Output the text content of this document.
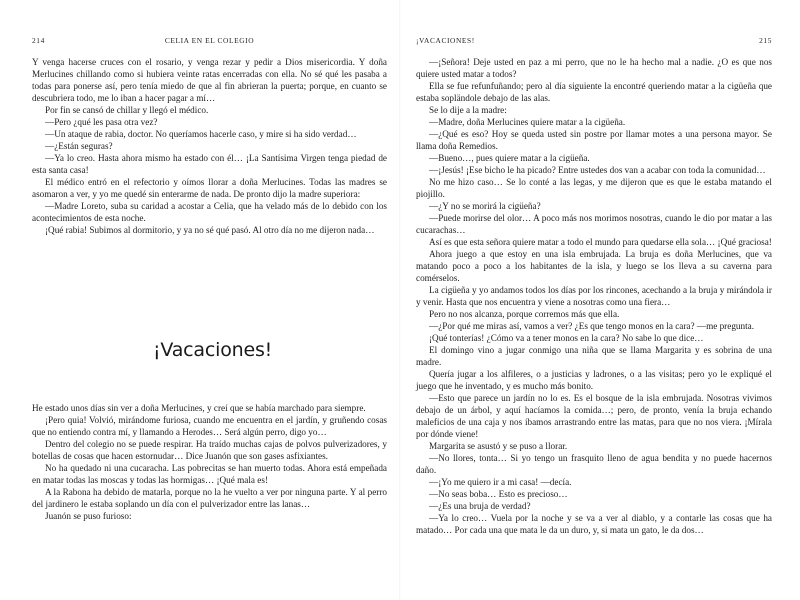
214	CELIA EN EL COLEGIO

Y venga hacerse cruces con el rosario, y venga rezar y pedir a Dios misericordia. Y doña Merlucines chillando como si hubiera veinte ratas encerradas con ella. No sé qué les pasaba a todas para ponerse así, pero tenía miedo de que al fin abrieran la puerta; porque, en cuanto se descubriera todo, me lo iban a hacer pagar a mí…

Por fin se cansó de chillar y llegó el médico.

—Pero ¿qué les pasa otra vez?

—Un ataque de rabia, doctor. No queríamos hacerle caso, y mire si ha sido verdad…

—¿Están seguras?

—Ya lo creo. Hasta ahora mismo ha estado con él… ¡La Santísima Virgen tenga piedad de esta santa casa!

El médico entró en el refectorio y oímos llorar a doña Merlucines. Todas las madres se asomaron a ver, y yo me quedé sin enterarme de nada. De pronto dijo la madre superiora:

—Madre Loreto, suba su caridad a acostar a Celia, que ha velado más de lo debido con los acontecimientos de esta noche.

¡Qué rabia! Subimos al dormitorio, y ya no sé qué pasó. Al otro día no me dijeron nada…

¡Vacaciones!

He estado unos días sin ver a doña Merlucines, y creí que se había marchado para siempre.

¡Pero quia! Volvió, mirándome furiosa, cuando me encuentra en el jardín, y gruñendo cosas que no entiendo contra mí, y llamando a Herodes… Será algún perro, digo yo…

Dentro del colegio no se puede respirar. Ha traído muchas cajas de polvos pulverizadores, y botellas de cosas que hacen estornudar… Dice Juanón que son gases asfixiantes.

No ha quedado ni una cucaracha. Las pobrecitas se han muerto todas. Ahora está empeñada en matar todas las moscas y todas las hormigas… ¡Qué mala es!

A la Rabona ha debido de matarla, porque no la he vuelto a ver por ninguna parte. Y al perro del jardinero le estaba soplando un día con el pulverizador entre las lanas…

Juanón se puso furioso:

¡VACACIONES!	215

—¡Señora! Deje usted en paz a mi perro, que no le ha hecho mal a nadie. ¿O es que nos quiere usted matar a todos?

Ella se fue refunfuñando; pero al día siguiente la encontré queriendo matar a la cigüeña que estaba sopländole debajo de las alas.

Se lo dije a la madre:

—Madre, doña Merlucines quiere matar a la cigüeña.

—¿Qué es eso? Hoy se queda usted sin postre por llamar motes a una persona mayor. Se llama doña Remedios.

—Bueno…, pues quiere matar a la cigüeña.

—¡Jesús! ¡Ese bicho le ha picado? Entre ustedes dos van a acabar con toda la comunidad…

No me hizo caso… Se lo conté a las legas, y me dijeron que es que le estaba matando el piojillo.

—¿Y no se morirá la cigüeña?

—Puede morirse del olor… A poco más nos morimos nosotras, cuando le dio por matar a las cucarachas…

Así es que esta señora quiere matar a todo el mundo para quedarse ella sola… ¡Qué graciosa!

Ahora juego a que estoy en una isla embrujada. La bruja es doña Merlucines, que va matando poco a poco a los habitantes de la isla, y luego se los lleva a su caverna para comérselos.

La cigüeña y yo andamos todos los días por los rincones, acechando a la bruja y mirándola ir y venir. Hasta que nos encuentra y viene a nosotras como una fiera…

Pero no nos alcanza, porque corremos más que ella.

—¿Por qué me miras así, vamos a ver? ¿Es que tengo monos en la cara? —me pregunta.

¡Qué tonterías! ¿Cómo va a tener monos en la cara? No sabe lo que dice…

El domingo vino a jugar conmigo una niña que se llama Margarita y es sobrina de una madre.

Quería jugar a los alfileres, o a justicias y ladrones, o a las visitas; pero yo le expliqué el juego que he inventado, y es mucho más bonito.

—Esto que parece un jardín no lo es. Es el bosque de la isla embrujada. Nosotras vivimos debajo de un árbol, y aquí hacíamos la comida…; pero, de pronto, venía la bruja echando maleficios de una caja y nos íbamos arrastrando entre las matas, para que no nos viera. ¡Mírala por dónde viene!

Margarita se asustó y se puso a llorar.

—No llores, tonta… Si yo tengo un frasquito lleno de agua bendita y no puede hacernos daño.

—¡Yo me quiero ir a mi casa! —decía.

—No seas boba… Esto es precioso…

—¿Es una bruja de verdad?

—Ya lo creo… Vuela por la noche y se va a ver al diablo, y a contarle las cosas que ha matado… Por cada una que mata le da un duro, y, si mata un gato, le da dos…
